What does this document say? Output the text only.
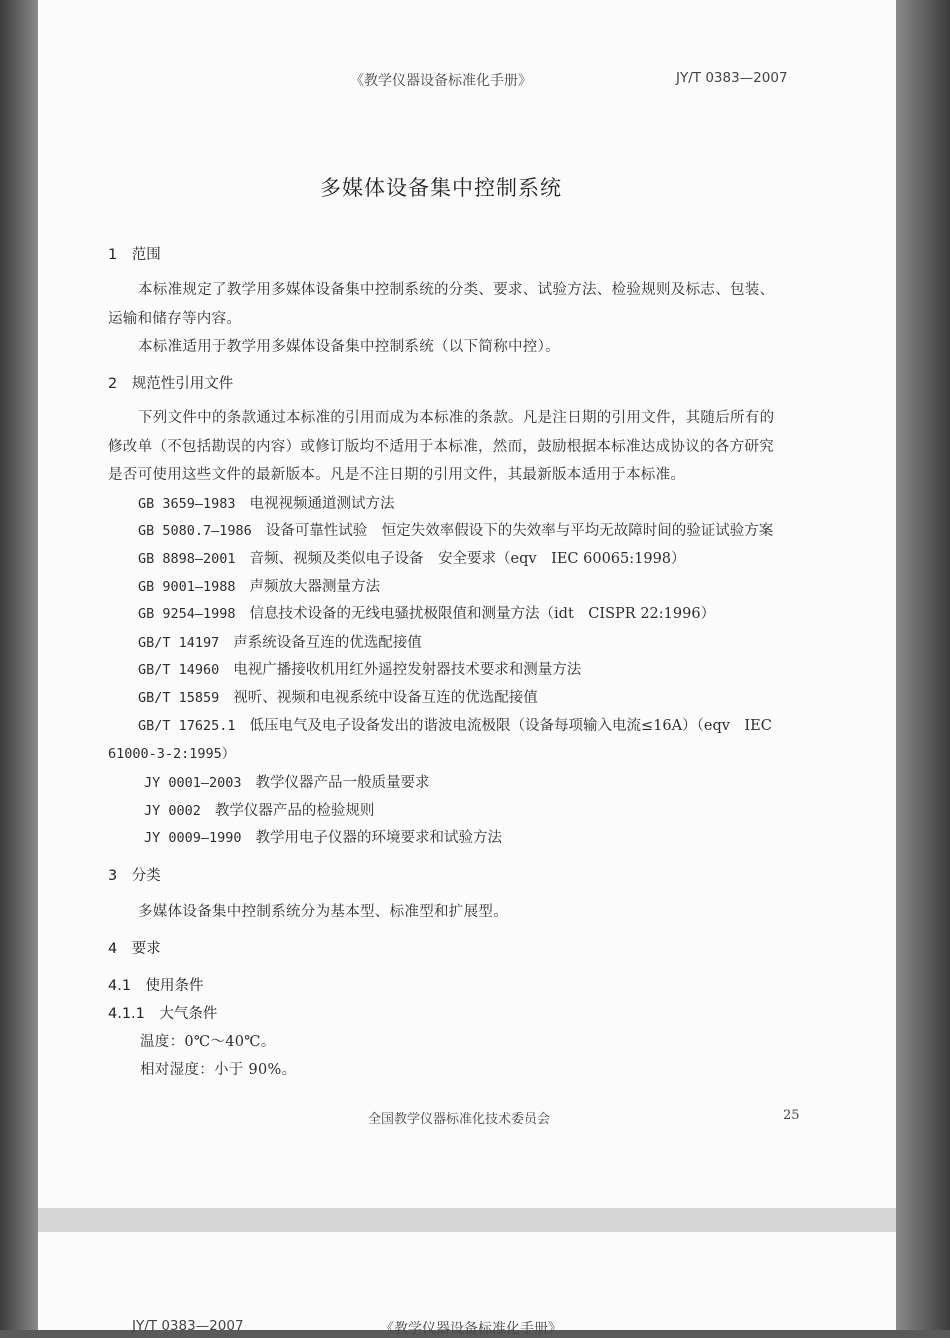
《教学仪器设备标准化手册》	JY/T 0383—2007
多媒体设备集中控制系统
1　范围
本标准规定了教学用多媒体设备集中控制系统的分类、要求、试验方法、检验规则及标志、包装、
运输和储存等内容。
本标准适用于教学用多媒体设备集中控制系统（以下简称中控）。
2　规范性引用文件
下列文件中的条款通过本标准的引用而成为本标准的条款。凡是注日期的引用文件，其随后所有的
修改单（不包括勘误的内容）或修订版均不适用于本标准，然而，鼓励根据本标准达成协议的各方研究
是否可使用这些文件的最新版本。凡是不注日期的引用文件，其最新版本适用于本标准。
GB 3659—1983 电视视频通道测试方法
GB 5080.7—1986 设备可靠性试验　恒定失效率假设下的失效率与平均无故障时间的验证试验方案
GB 8898—2001 音频、视频及类似电子设备　安全要求（eqv　IEC 60065:1998）
GB 9001—1988 声频放大器测量方法
GB 9254—1998 信息技术设备的无线电骚扰极限值和测量方法（idt　CISPR 22:1996）
GB/T 14197 声系统设备互连的优选配接值
GB/T 14960 电视广播接收机用红外遥控发射器技术要求和测量方法
GB/T 15859 视听、视频和电视系统中设备互连的优选配接值
GB/T 17625.1 低压电气及电子设备发出的谐波电流极限（设备每项输入电流≤16A）（eqv　IEC
61000-3-2:1995）
JY 0001—2003 教学仪器产品一般质量要求
JY 0002 教学仪器产品的检验规则
JY 0009—1990 教学用电子仪器的环境要求和试验方法
3　分类
多媒体设备集中控制系统分为基本型、标准型和扩展型。
4　要求
4.1　使用条件
4.1.1　大气条件
温度：0℃～40℃。
相对湿度：小于 90%。
全国教学仪器标准化技术委员会	25
JY/T 0383—2007	《教学仪器设备标准化手册》
